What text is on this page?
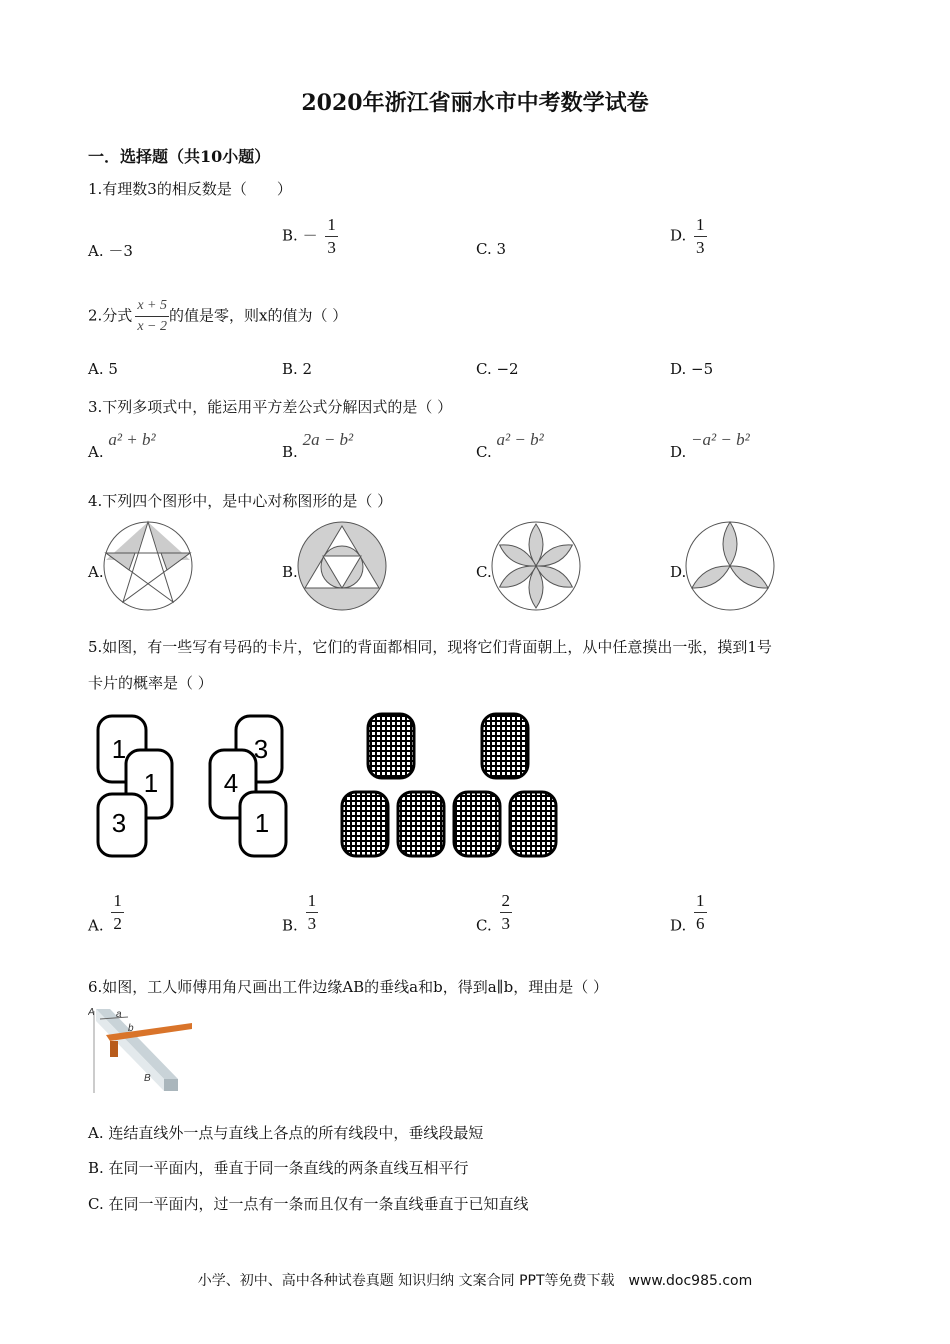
2020年浙江省丽水市中考数学试卷
一．选择题（共10小题）
1.有理数3的相反数是（　　）
A. －3
B. － $\frac{1}{3}$	C. 3
D. $\frac{1}{3}$
2.分式 $\frac{x + 5}{x - 2}$ 的值是零，则x的值为（ ）
A. 5	B. 2	C. −2	D. −5
3.下列多项式中，能运用平方差公式分解因式的是（ ）
A. a² + b²
B. 2a − b²
C. a² − b²
D. −a² − b²
4.下列四个图形中，是中心对称图形的是（ ）
A.	B.	C.	D.
5.如图，有一些写有号码的卡片，它们的背面都相同，现将它们背面朝上，从中任意摸出一张，摸到1号
卡片的概率是（ ）
1
1
3
3
4
1
A. $\frac{1}{2}$	B. $\frac{1}{3}$	C. $\frac{2}{3}$	D. $\frac{1}{6}$
6.如图，工人师傅用角尺画出工件边缘AB的垂线a和b，得到a∥b，理由是（ ）
A a
b
B
A. 连结直线外一点与直线上各点的所有线段中，垂线段最短
B. 在同一平面内，垂直于同一条直线的两条直线互相平行
C. 在同一平面内，过一点有一条而且仅有一条直线垂直于已知直线
小学、初中、高中各种试卷真题 知识归纳 文案合同 PPT等免费下载　www.doc985.com
